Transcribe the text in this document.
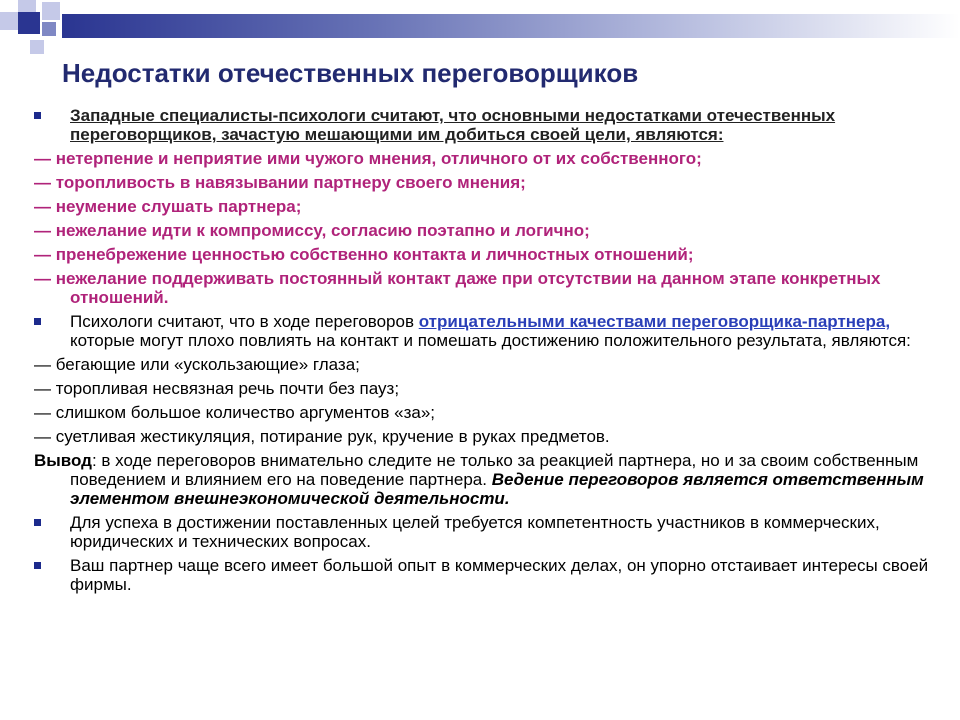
Недостатки отечественных переговорщиков

Западные специалисты-психологи считают, что основными недостатками отечественных переговорщиков, зачастую мешающими им добиться своей цели, являются:

— нетерпение и неприятие ими чужого мнения, отличного от их собственного;

— торопливость в навязывании партнеру своего мнения;

— неумение слушать партнера;

— нежелание идти к компромиссу, согласию поэтапно и логично;

— пренебрежение ценностью собственно контакта и личностных отношений;

— нежелание поддерживать постоянный контакт даже при отсутствии на данном этапе конкретных отношений.

Психологи считают, что в ходе переговоров отрицательными качествами переговорщика-партнера, которые могут плохо повлиять на контакт и помешать достижению положительного результата, являются:

— бегающие или «ускользающие» глаза;

— торопливая несвязная речь почти без пауз;

— слишком большое количество аргументов «за»;

— суетливая жестикуляция, потирание рук, кручение в руках предметов.

Вывод: в ходе переговоров внимательно следите не только за реакцией партнера, но и за своим собственным поведением и влиянием его на поведение партнера. Ведение переговоров является ответственным элементом внешнеэкономической деятельности.

Для успеха в достижении поставленных целей требуется компетентность участников в коммерческих, юридических и технических вопросах.

Ваш партнер чаще всего имеет большой опыт в коммерческих делах, он упорно отстаивает интересы своей фирмы.
